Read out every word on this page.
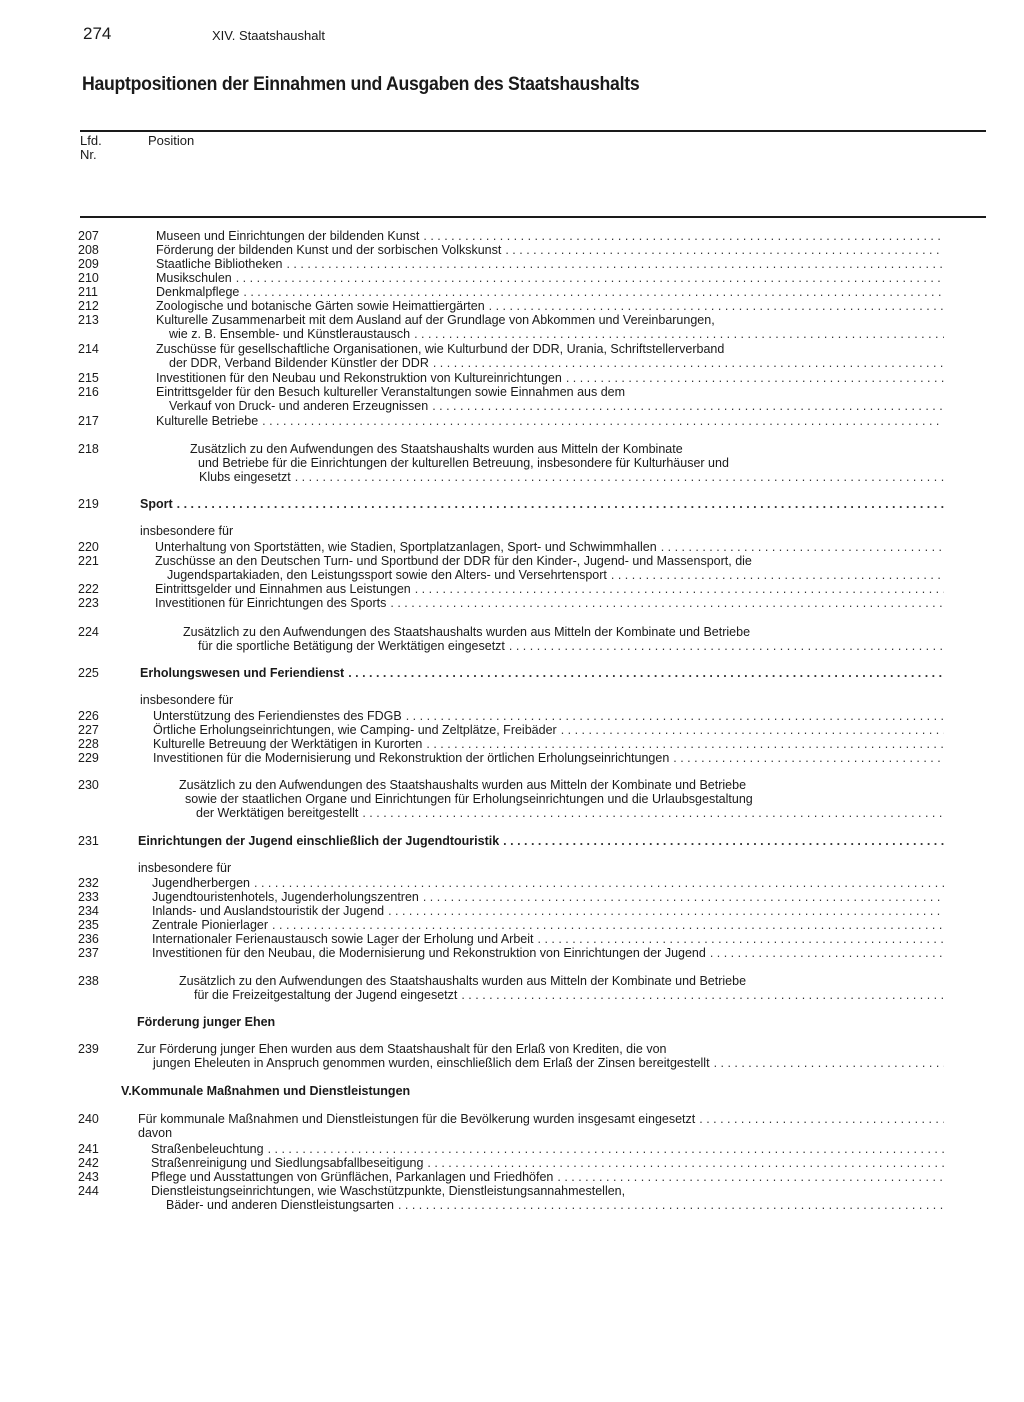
274	XIV. Staatshaushalt
Hauptpositionen der Einnahmen und Ausgaben des Staatshaushalts
Lfd.
Nr.
Position
207	Museen und Einrichtungen der bildenden Kunst
. . .
208	Förderung der bildenden Kunst und der sorbischen Volkskunst
. . .
209	Staatliche Bibliotheken
. . .
210	Musikschulen
. . .
211	Denkmalpflege
. . .
212	Zoologische und botanische Gärten sowie Heimattiergärten
. . .
213	Kulturelle Zusammenarbeit mit dem Ausland auf der Grundlage von Abkommen und Vereinbarungen,
wie z. B. Ensemble- und Künstleraustausch
. . .
214	Zuschüsse für gesellschaftliche Organisationen, wie Kulturbund der DDR, Urania, Schriftstellerverband
der DDR, Verband Bildender Künstler der DDR
. . .
215	Investitionen für den Neubau und Rekonstruktion von Kultureinrichtungen
. . .
216	Eintrittsgelder für den Besuch kultureller Veranstaltungen sowie Einnahmen aus dem
Verkauf von Druck- und anderen Erzeugnissen
. . .
217	Kulturelle Betriebe
. . .
218	Zusätzlich zu den Aufwendungen des Staatshaushalts wurden aus Mitteln der Kombinate
und Betriebe für die Einrichtungen der kulturellen Betreuung, insbesondere für Kulturhäuser und
Klubs eingesetzt
. . .
219	Sport
. . .
insbesondere für
220	Unterhaltung von Sportstätten, wie Stadien, Sportplatzanlagen, Sport- und Schwimmhallen
. . .
221	Zuschüsse an den Deutschen Turn- und Sportbund der DDR für den Kinder-, Jugend- und Massensport, die
Jugendspartakiaden, den Leistungssport sowie den Alters- und Versehrtensport
. . .
222	Eintrittsgelder und Einnahmen aus Leistungen
. . .
223	Investitionen für Einrichtungen des Sports
. . .
224	Zusätzlich zu den Aufwendungen des Staatshaushalts wurden aus Mitteln der Kombinate und Betriebe
für die sportliche Betätigung der Werktätigen eingesetzt
. . .
225	Erholungswesen und Feriendienst
. . .
insbesondere für
226	Unterstützung des Feriendienstes des FDGB
. . .
227	Örtliche Erholungseinrichtungen, wie Camping- und Zeltplätze, Freibäder
. . .
228	Kulturelle Betreuung der Werktätigen in Kurorten
. . .
229	Investitionen für die Modernisierung und Rekonstruktion der örtlichen Erholungseinrichtungen
. . .
230	Zusätzlich zu den Aufwendungen des Staatshaushalts wurden aus Mitteln der Kombinate und Betriebe
sowie der staatlichen Organe und Einrichtungen für Erholungseinrichtungen und die Urlaubsgestaltung
der Werktätigen bereitgestellt
. . .
231	Einrichtungen der Jugend einschließlich der Jugendtouristik
. . .
insbesondere für
232	Jugendherbergen
. . .
233	Jugendtouristenhotels, Jugenderholungszentren
. . .
234	Inlands- und Auslandstouristik der Jugend
. . .
235	Zentrale Pionierlager
. . .
236	Internationaler Ferienaustausch sowie Lager der Erholung und Arbeit
. . .
237	Investitionen für den Neubau, die Modernisierung und Rekonstruktion von Einrichtungen der Jugend
. . .
238	Zusätzlich zu den Aufwendungen des Staatshaushalts wurden aus Mitteln der Kombinate und Betriebe
für die Freizeitgestaltung der Jugend eingesetzt
. . .
Förderung junger Ehen
239	Zur Förderung junger Ehen wurden aus dem Staatshaushalt für den Erlaß von Krediten, die von
jungen Eheleuten in Anspruch genommen wurden, einschließlich dem Erlaß der Zinsen bereitgestellt
. . .
V.Kommunale Maßnahmen und Dienstleistungen
240	Für kommunale Maßnahmen und Dienstleistungen für die Bevölkerung wurden insgesamt eingesetzt
. . .
davon
241	Straßenbeleuchtung
. . .
242	Straßenreinigung und Siedlungsabfallbeseitigung
. . .
243	Pflege und Ausstattungen von Grünflächen, Parkanlagen und Friedhöfen
. . .
244	Dienstleistungseinrichtungen, wie Waschstützpunkte, Dienstleistungsannahmestellen,
Bäder- und anderen Dienstleistungsarten
. . .
